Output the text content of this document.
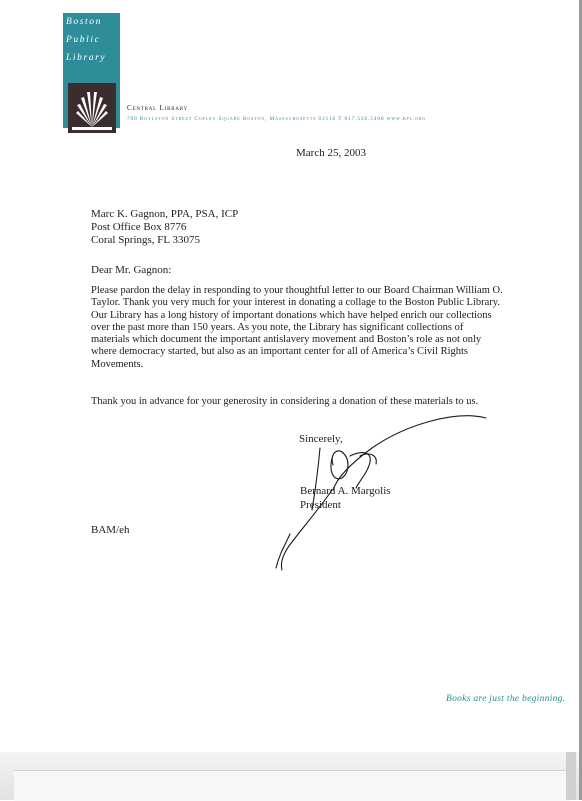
Boston
Public
Library
Central Library
700 Boylston Street Copley Square Boston, Massachusetts 02116 T 617.536.5400 www.bpl.org
March 25, 2003
Marc K. Gagnon, PPA, PSA, ICP
Post Office Box 8776
Coral Springs, FL 33075
Dear Mr. Gagnon:
Please pardon the delay in responding to your thoughtful letter to our Board Chairman William O. Taylor. Thank you very much for your interest in donating a collage to the Boston Public Library. Our Library has a long history of important donations which have helped enrich our collections over the past more than 150 years. As you note, the Library has significant collections of materials which document the important antislavery movement and Boston’s role as not only where democracy started, but also as an important center for all of America’s Civil Rights Movements.
Thank you in advance for your generosity in considering a donation of these materials to us.
Sincerely,
Bernard A. Margolis
President
BAM/eh
Books are just the beginning.
